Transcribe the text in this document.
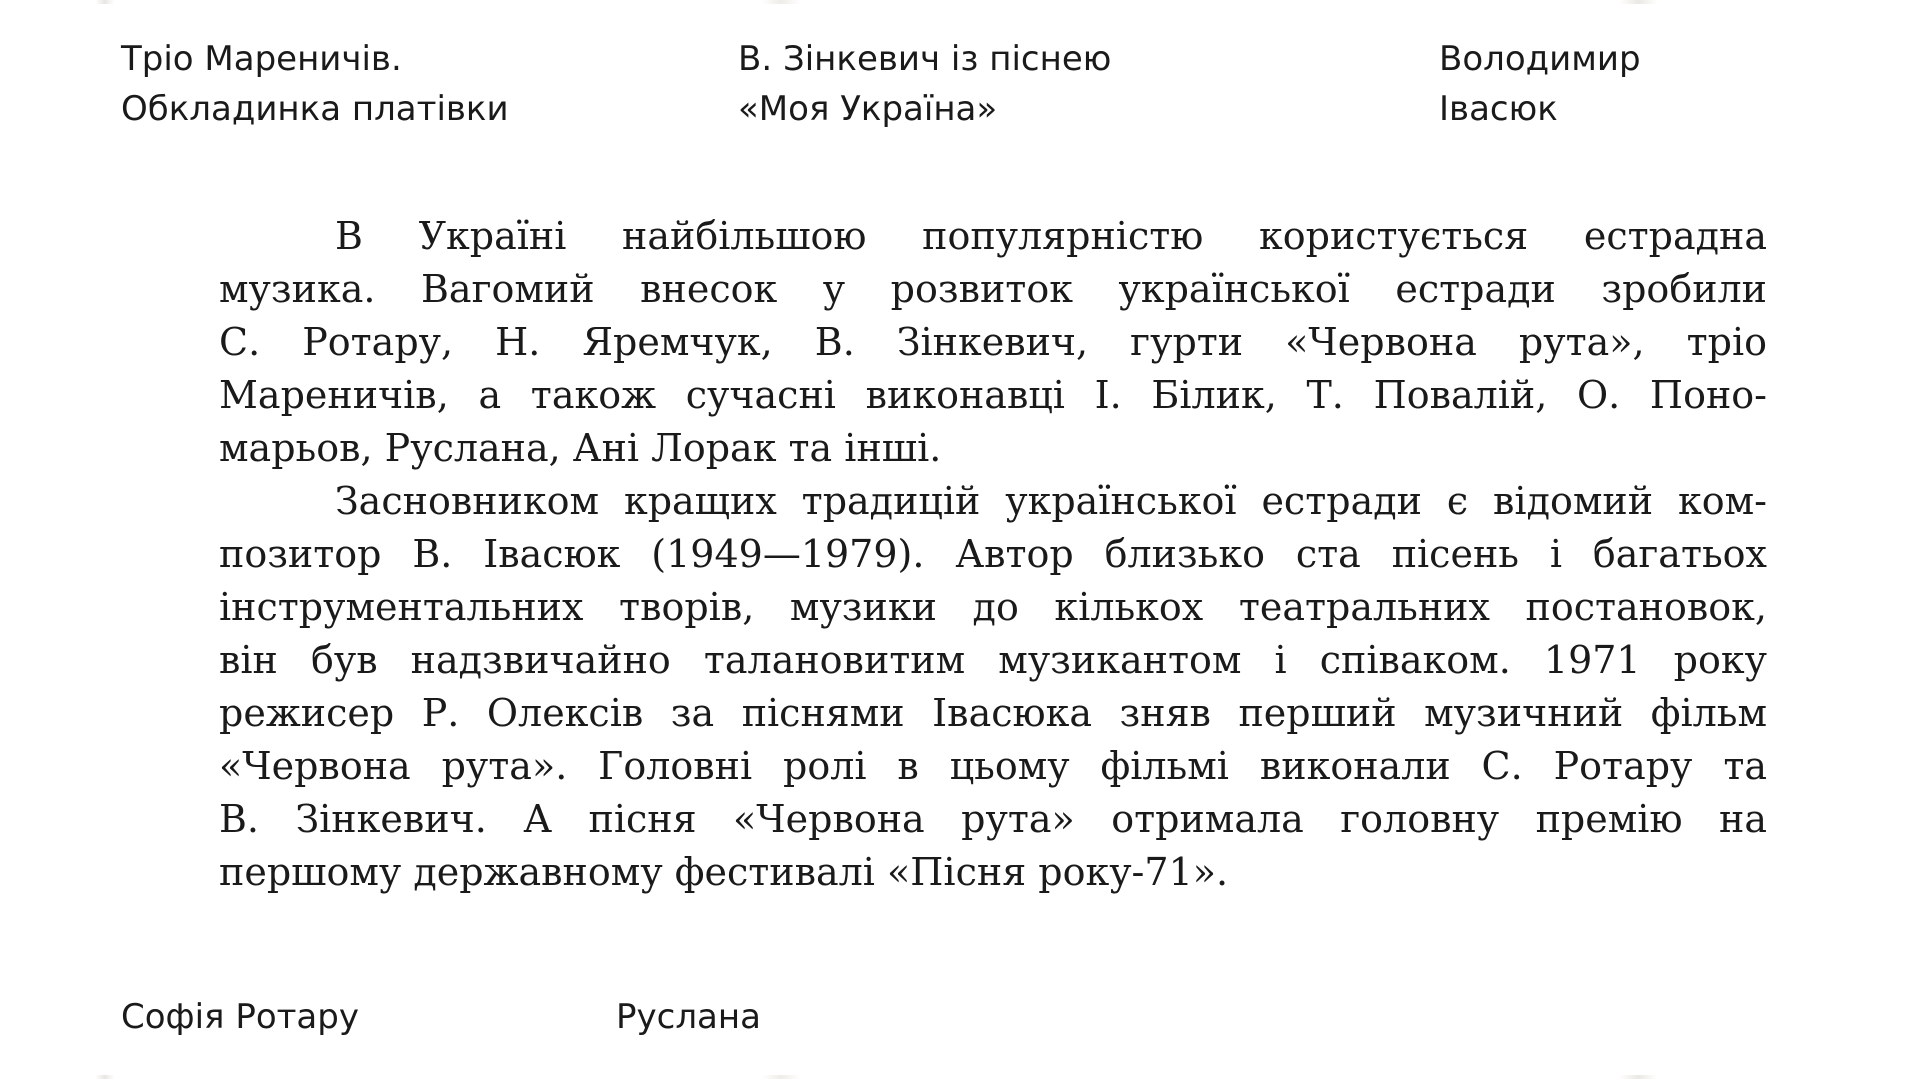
Тріо Мареничів.
Обкладинка платівки
В. Зінкевич із піснею
«Моя Україна»
Володимир
Івасюк
В Україні найбільшою популярністю користується естрадна
музика. Вагомий внесок у розвиток української естради зробили
С. Ротару, Н. Яремчук, В. Зінкевич, гурти «Червона рута», тріо
Мареничів, а також сучасні виконавці І. Білик, Т. Повалій, О. Поно-
марьов, Руслана, Ані Лорак та інші.
Засновником кращих традицій української естради є відомий ком-
позитор В. Івасюк (1949—1979). Автор близько ста пісень і багатьох
інструментальних творів, музики до кількох театральних постановок,
він був надзвичайно талановитим музикантом і співаком. 1971 року
режисер Р. Олексів за піснями Івасюка зняв перший музичний фільм
«Червона рута». Головні ролі в цьому фільмі виконали С. Ротару та
В. Зінкевич. А пісня «Червона рута» отримала головну премію на
першому державному фестивалі «Пісня року-71».
Софія Ротару	Руслана
